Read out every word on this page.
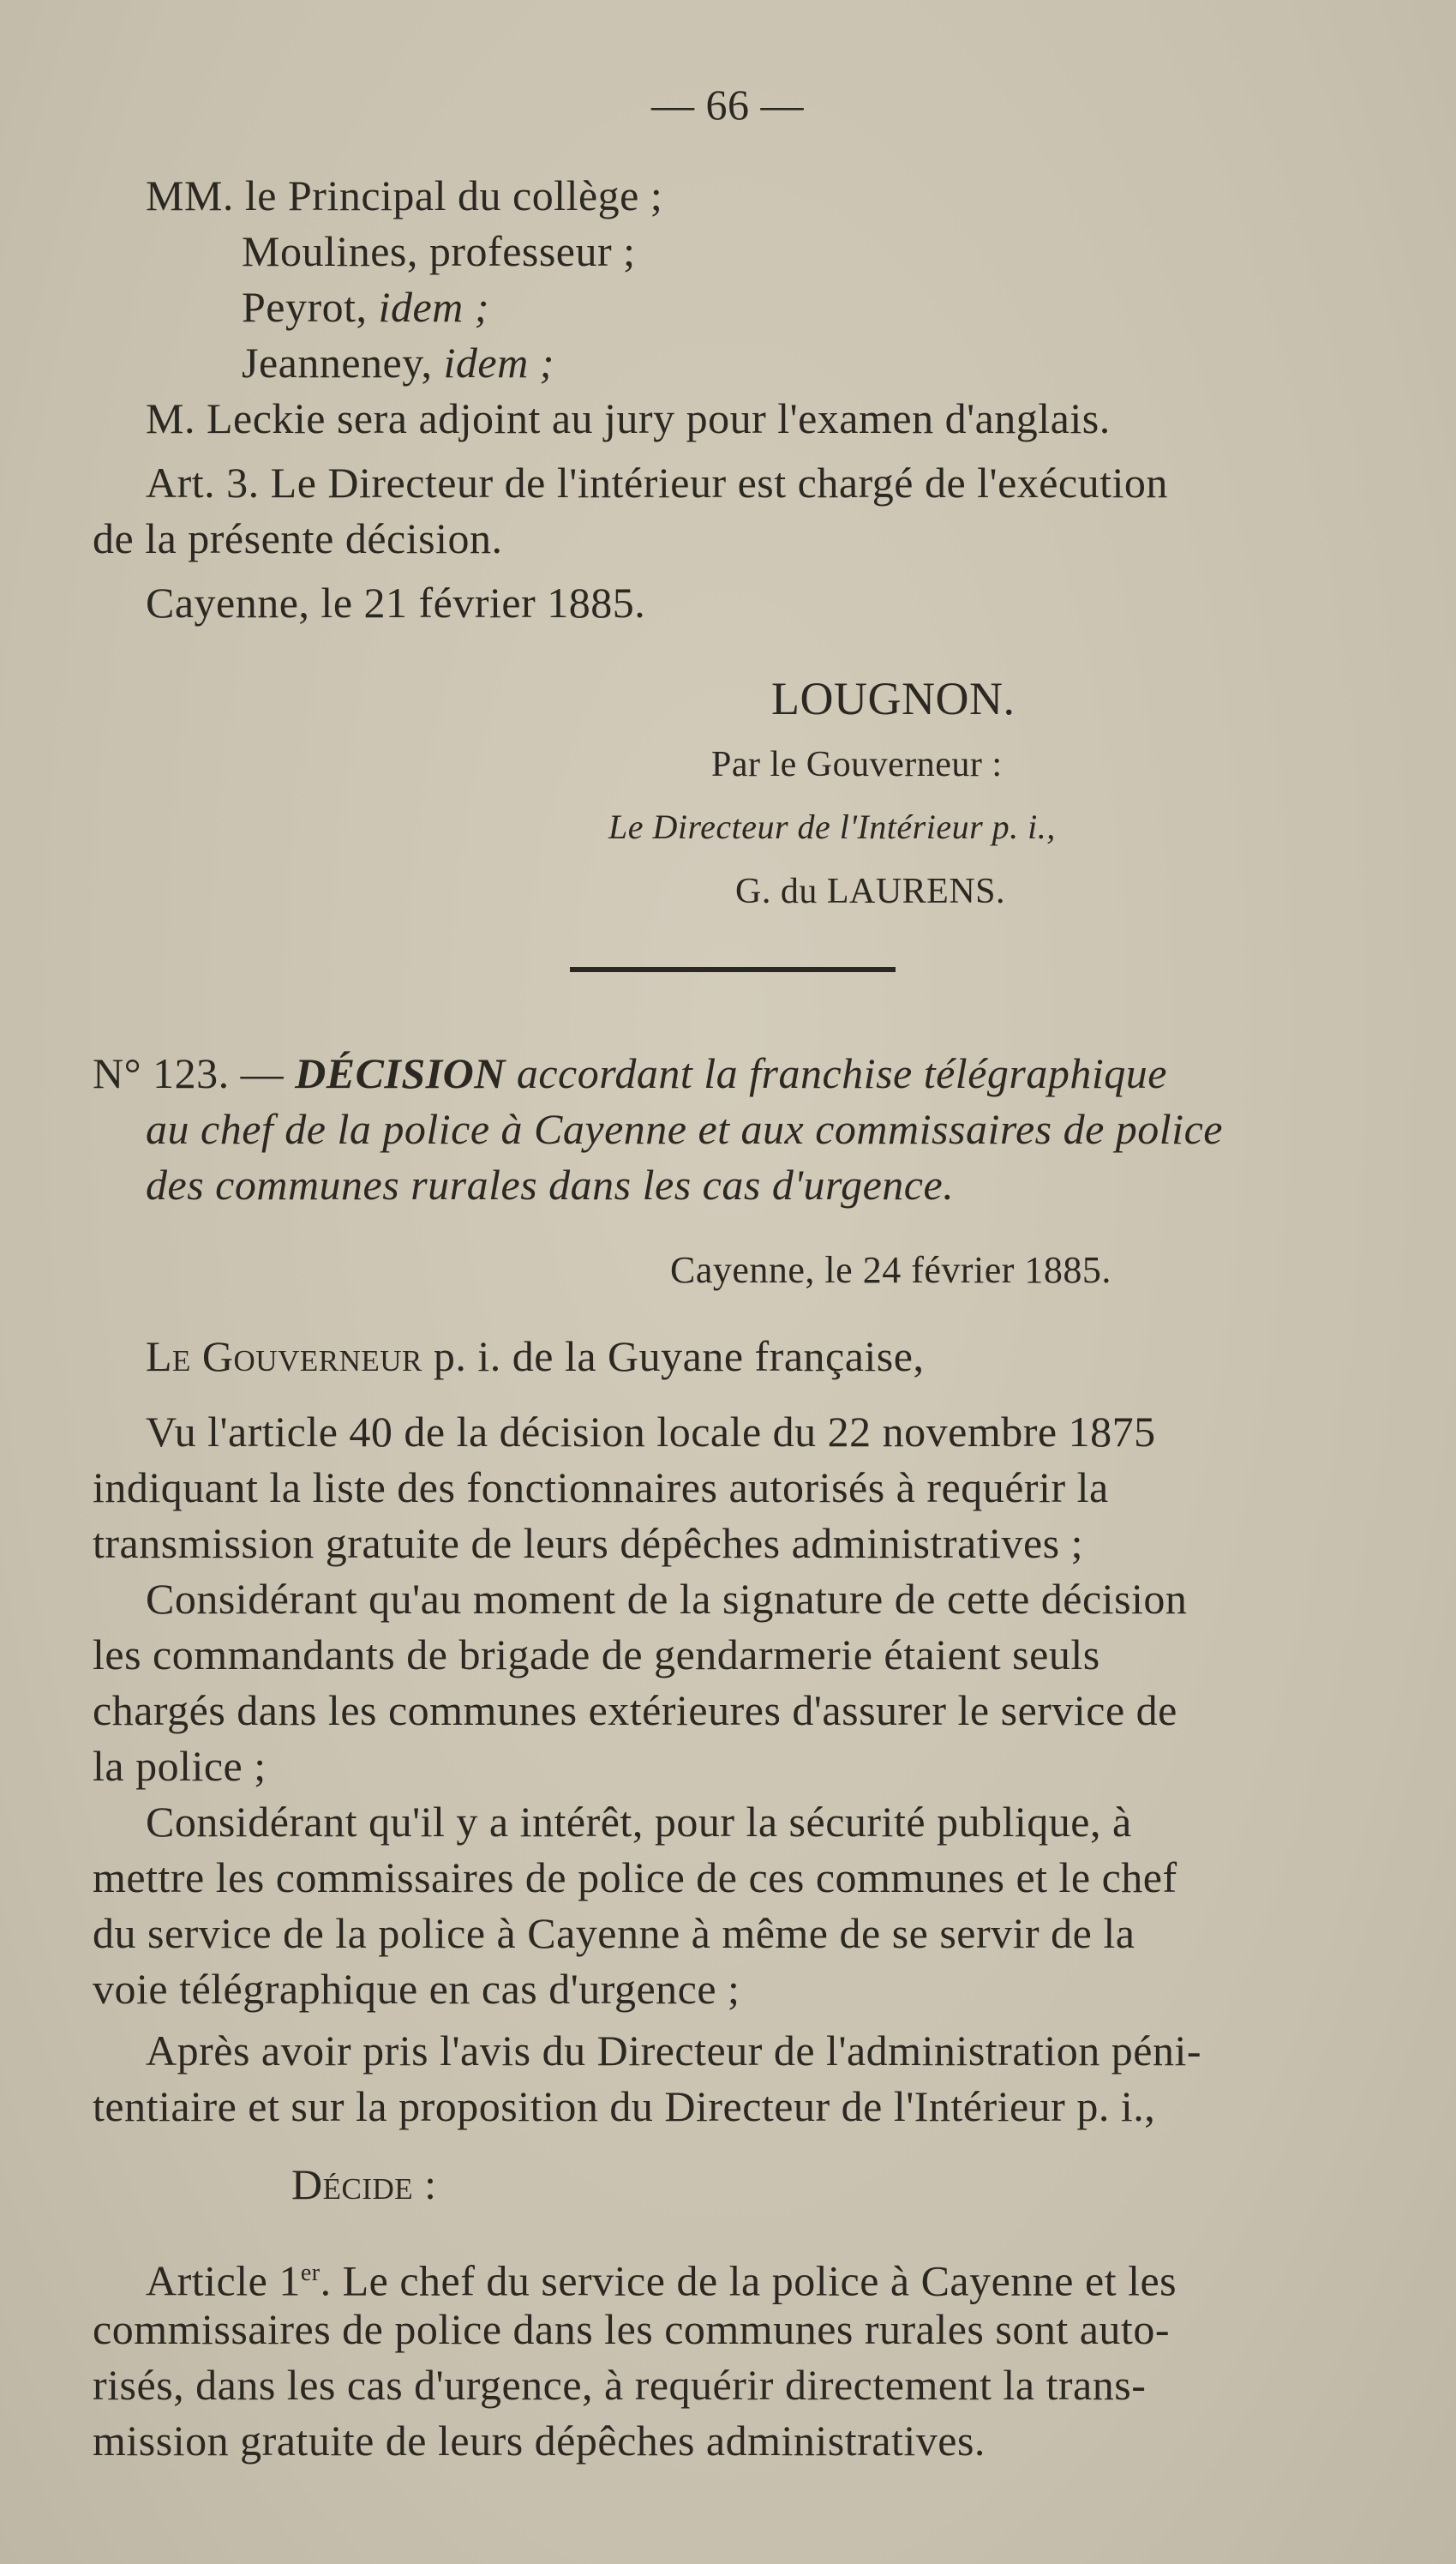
— 66 —
MM. le Principal du collège ;
Moulines, professeur ;
Peyrot, idem ;
Jeanneney, idem ;
M. Leckie sera adjoint au jury pour l'examen d'anglais.
Art. 3. Le Directeur de l'intérieur est chargé de l'exécution
de la présente décision.
Cayenne, le 21 février 1885.
LOUGNON.
Par le Gouverneur :
Le Directeur de l'Intérieur p. i.,
G. du LAURENS.
N° 123. — DÉCISION accordant la franchise télégraphique
au chef de la police à Cayenne et aux commissaires de police
des communes rurales dans les cas d'urgence.
Cayenne, le 24 février 1885.
Le Gouverneur p. i. de la Guyane française,
Vu l'article 40 de la décision locale du 22 novembre 1875
indiquant la liste des fonctionnaires autorisés à requérir la
transmission gratuite de leurs dépêches administratives ;
Considérant qu'au moment de la signature de cette décision
les commandants de brigade de gendarmerie étaient seuls
chargés dans les communes extérieures d'assurer le service de
la police ;
Considérant qu'il y a intérêt, pour la sécurité publique, à
mettre les commissaires de police de ces communes et le chef
du service de la police à Cayenne à même de se servir de la
voie télégraphique en cas d'urgence ;
Après avoir pris l'avis du Directeur de l'administration péni-
tentiaire et sur la proposition du Directeur de l'Intérieur p. i.,
Décide :
Article 1er. Le chef du service de la police à Cayenne et les
commissaires de police dans les communes rurales sont auto-
risés, dans les cas d'urgence, à requérir directement la trans-
mission gratuite de leurs dépêches administratives.
